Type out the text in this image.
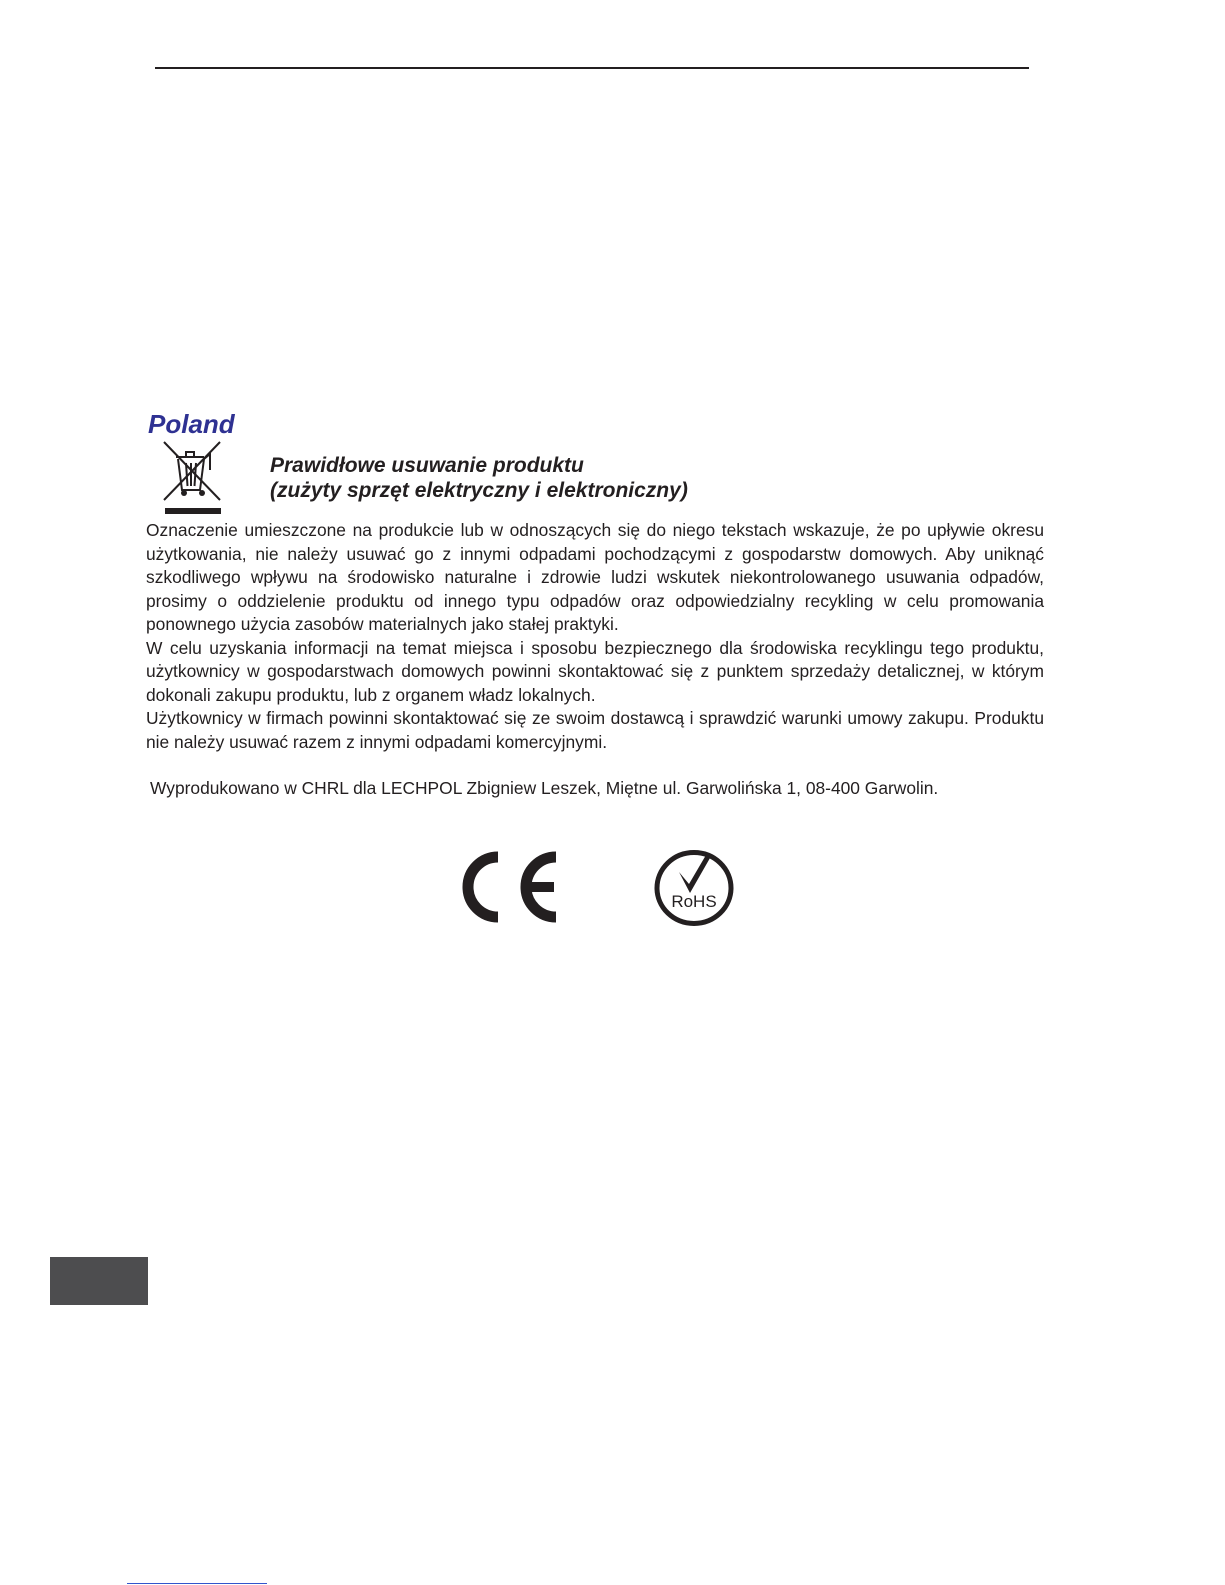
Poland
Prawidłowe usuwanie produktu
(zużyty sprzęt elektryczny i elektroniczny)

Oznaczenie umieszczone na produkcie lub w odnoszących się do niego tekstach wskazuje, że po upływie okresu użytkowania, nie należy usuwać go z innymi odpadami pochodzącymi z gospodarstw domowych. Aby uniknąć szkodliwego wpływu na środowisko naturalne i zdrowie ludzi wskutek niekontrolowanego usuwania odpadów, prosimy o oddzielenie produktu od innego typu odpadów oraz odpowiedzialny recykling w celu promowania ponownego użycia zasobów materialnych jako stałej praktyki.

W celu uzyskania informacji na temat miejsca i sposobu bezpiecznego dla środowiska recyklingu tego produktu, użytkownicy w gospodarstwach domowych powinni skontaktować się z punktem sprzedaży detalicznej, w którym dokonali zakupu produktu, lub z organem władz lokalnych.

Użytkownicy w firmach powinni skontaktować się ze swoim dostawcą i sprawdzić warunki umowy zakupu. Produktu nie należy usuwać razem z innymi odpadami komercyjnymi.

Wyprodukowano w CHRL dla LECHPOL Zbigniew Leszek, Miętne ul. Garwolińska 1, 08-400 Garwolin.

RoHS
